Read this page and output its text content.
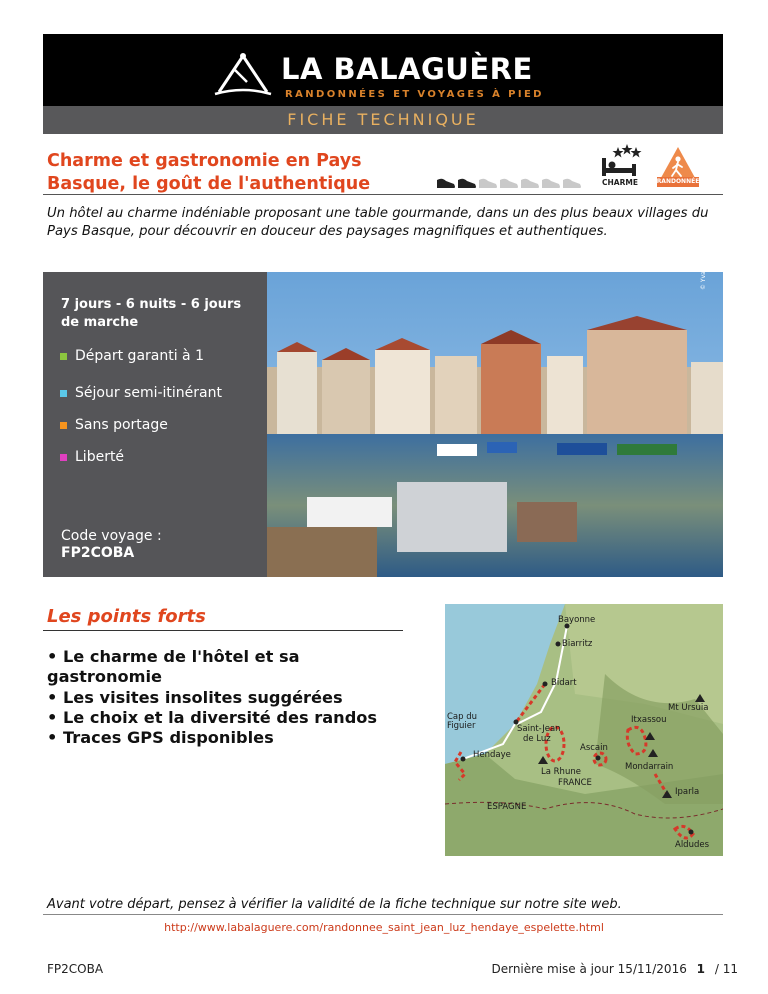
LA BALAGUÈRE
RANDONNÉES ET VOYAGES À PIED
FICHE TECHNIQUE
Charme et gastronomie en Pays Basque, le goût de l'authentique	CHARME	RANDONNÉE

Un hôtel au charme indéniable proposant une table gourmande, dans un des plus beaux villages du Pays Basque, pour découvrir en douceur des paysages magnifiques et authentiques.

7 jours - 6 nuits - 6 jours de marche
Départ garanti à 1
Séjour semi-itinérant
Sans portage
Liberté
Code voyage :
FP2COBA
© Yvann K - Fotolia
Les points forts
• Le charme de l'hôtel et sa gastronomie
• Les visites insolites suggérées
• Le choix et la diversité des randos
• Traces GPS disponibles
Bayonne
Biarritz
Bidart
Cap du
Figuier	Saint-Jean
de Luz
Hendaye
Mt Ursuia
Itxassou
Ascain
Mondarrain
La Rhune
FRANCE
Iparla
ESPAGNE
Aldudes

Avant votre départ, pensez à vérifier la validité de la fiche technique sur notre site web.

http://www.labalaguere.com/randonnee_saint_jean_luz_hendaye_espelette.html
FP2COBA	Dernière mise à jour 15/11/2016 1 / 11
